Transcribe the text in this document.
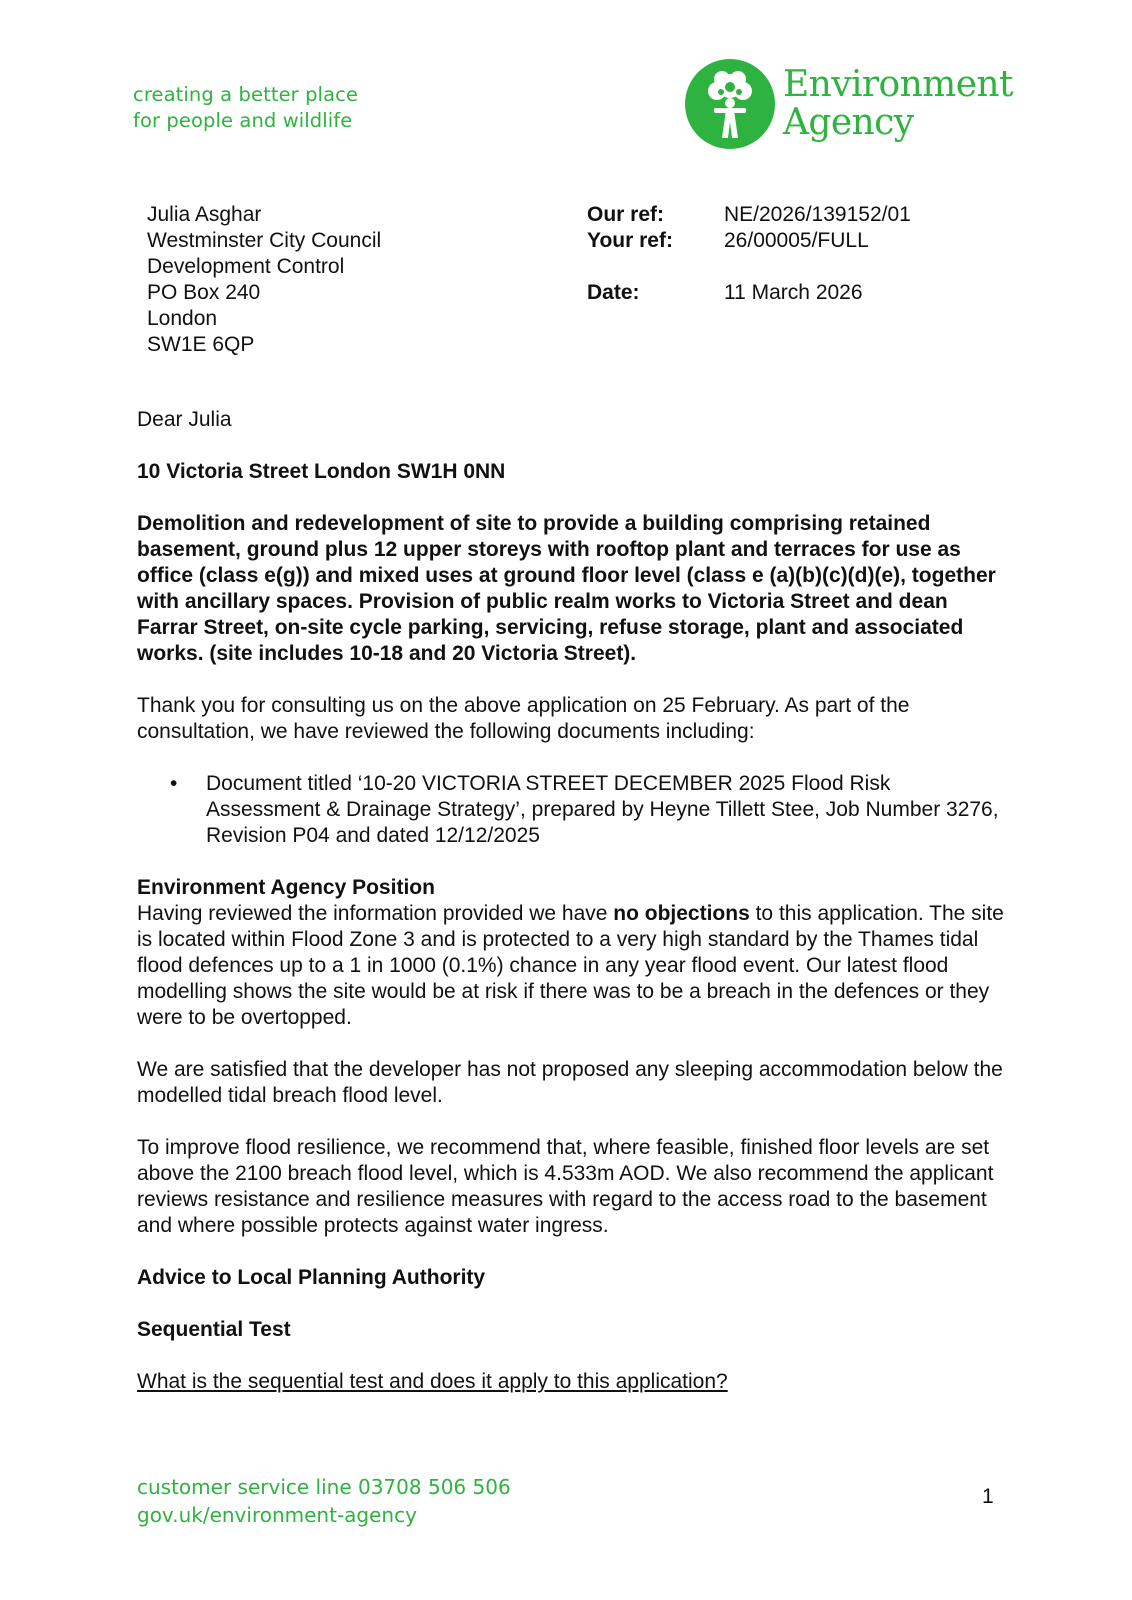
creating a better place
for people and wildlife
Environment
Agency
Julia Asghar
Westminster City Council
Development Control
PO Box 240
London
SW1E 6QP
Our ref:	NE/2026/139152/01
Your ref: 26/00005/FULL
Date:	11 March 2026

Dear Julia

10 Victoria Street London SW1H 0NN

Demolition and redevelopment of site to provide a building comprising retained basement, ground plus 12 upper storeys with rooftop plant and terraces for use as office (class e(g)) and mixed uses at ground floor level (class e (a)(b)(c)(d)(e), together with ancillary spaces. Provision of public realm works to Victoria Street and dean Farrar Street, on-site cycle parking, servicing, refuse storage, plant and associated works. (site includes 10-18 and 20 Victoria Street).

Thank you for consulting us on the above application on 25 February. As part of the consultation, we have reviewed the following documents including:

• Document titled ‘10-20 VICTORIA STREET DECEMBER 2025 Flood Risk Assessment & Drainage Strategy’, prepared by Heyne Tillett Stee, Job Number 3276, Revision P04 and dated 12/12/2025

Environment Agency Position

Having reviewed the information provided we have no objections to this application. The site is located within Flood Zone 3 and is protected to a very high standard by the Thames tidal flood defences up to a 1 in 1000 (0.1%) chance in any year flood event. Our latest flood modelling shows the site would be at risk if there was to be a breach in the defences or they were to be overtopped.

We are satisfied that the developer has not proposed any sleeping accommodation below the modelled tidal breach flood level.

To improve flood resilience, we recommend that, where feasible, finished floor levels are set above the 2100 breach flood level, which is 4.533m AOD. We also recommend the applicant reviews resistance and resilience measures with regard to the access road to the basement and where possible protects against water ingress.

Advice to Local Planning Authority

Sequential Test

What is the sequential test and does it apply to this application?

customer service line 03708 506 506
gov.uk/environment-agency
1
